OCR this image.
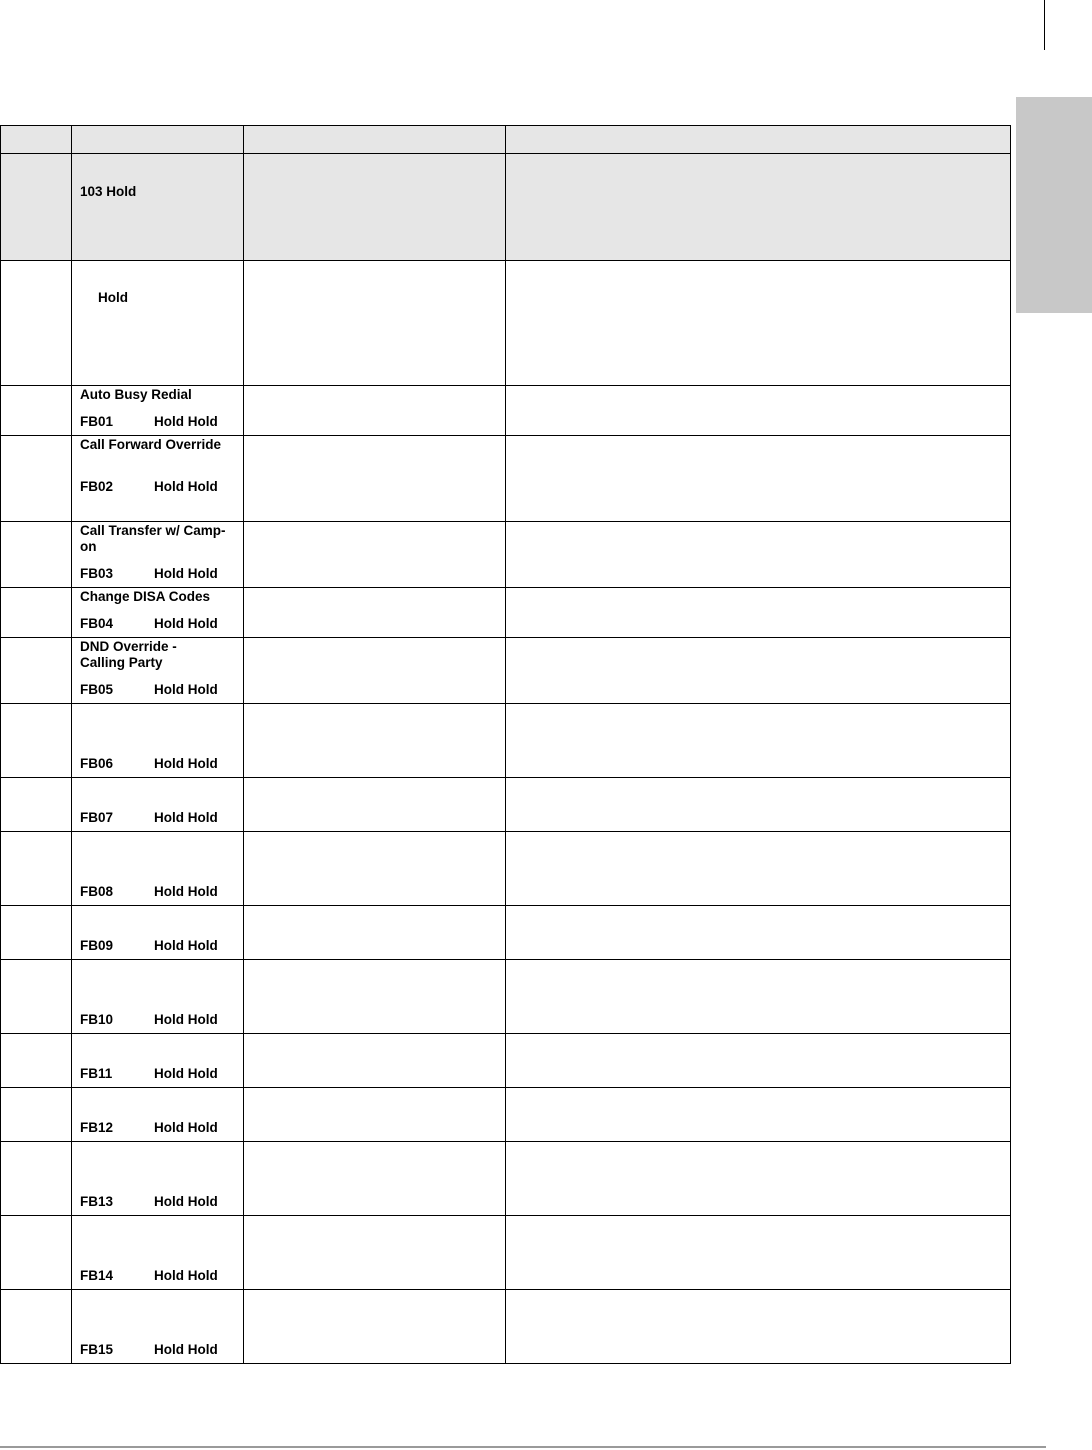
	103 Hold		

	Hold		

	Auto Busy Redial
FB01 Hold Hold		

	Call Forward Override
FB02 Hold Hold		

	Call Transfer w/ Camp-on
FB03 Hold Hold		

	Change DISA Codes
FB04 Hold Hold		

	DND Override - Calling Party
FB05 Hold Hold		

	FB06 Hold Hold		

	FB07 Hold Hold		

	FB08 Hold Hold		

	FB09 Hold Hold		

	FB10 Hold Hold		

	FB11 Hold Hold		

	FB12 Hold Hold		

	FB13 Hold Hold		

	FB14 Hold Hold		

	FB15 Hold Hold		
